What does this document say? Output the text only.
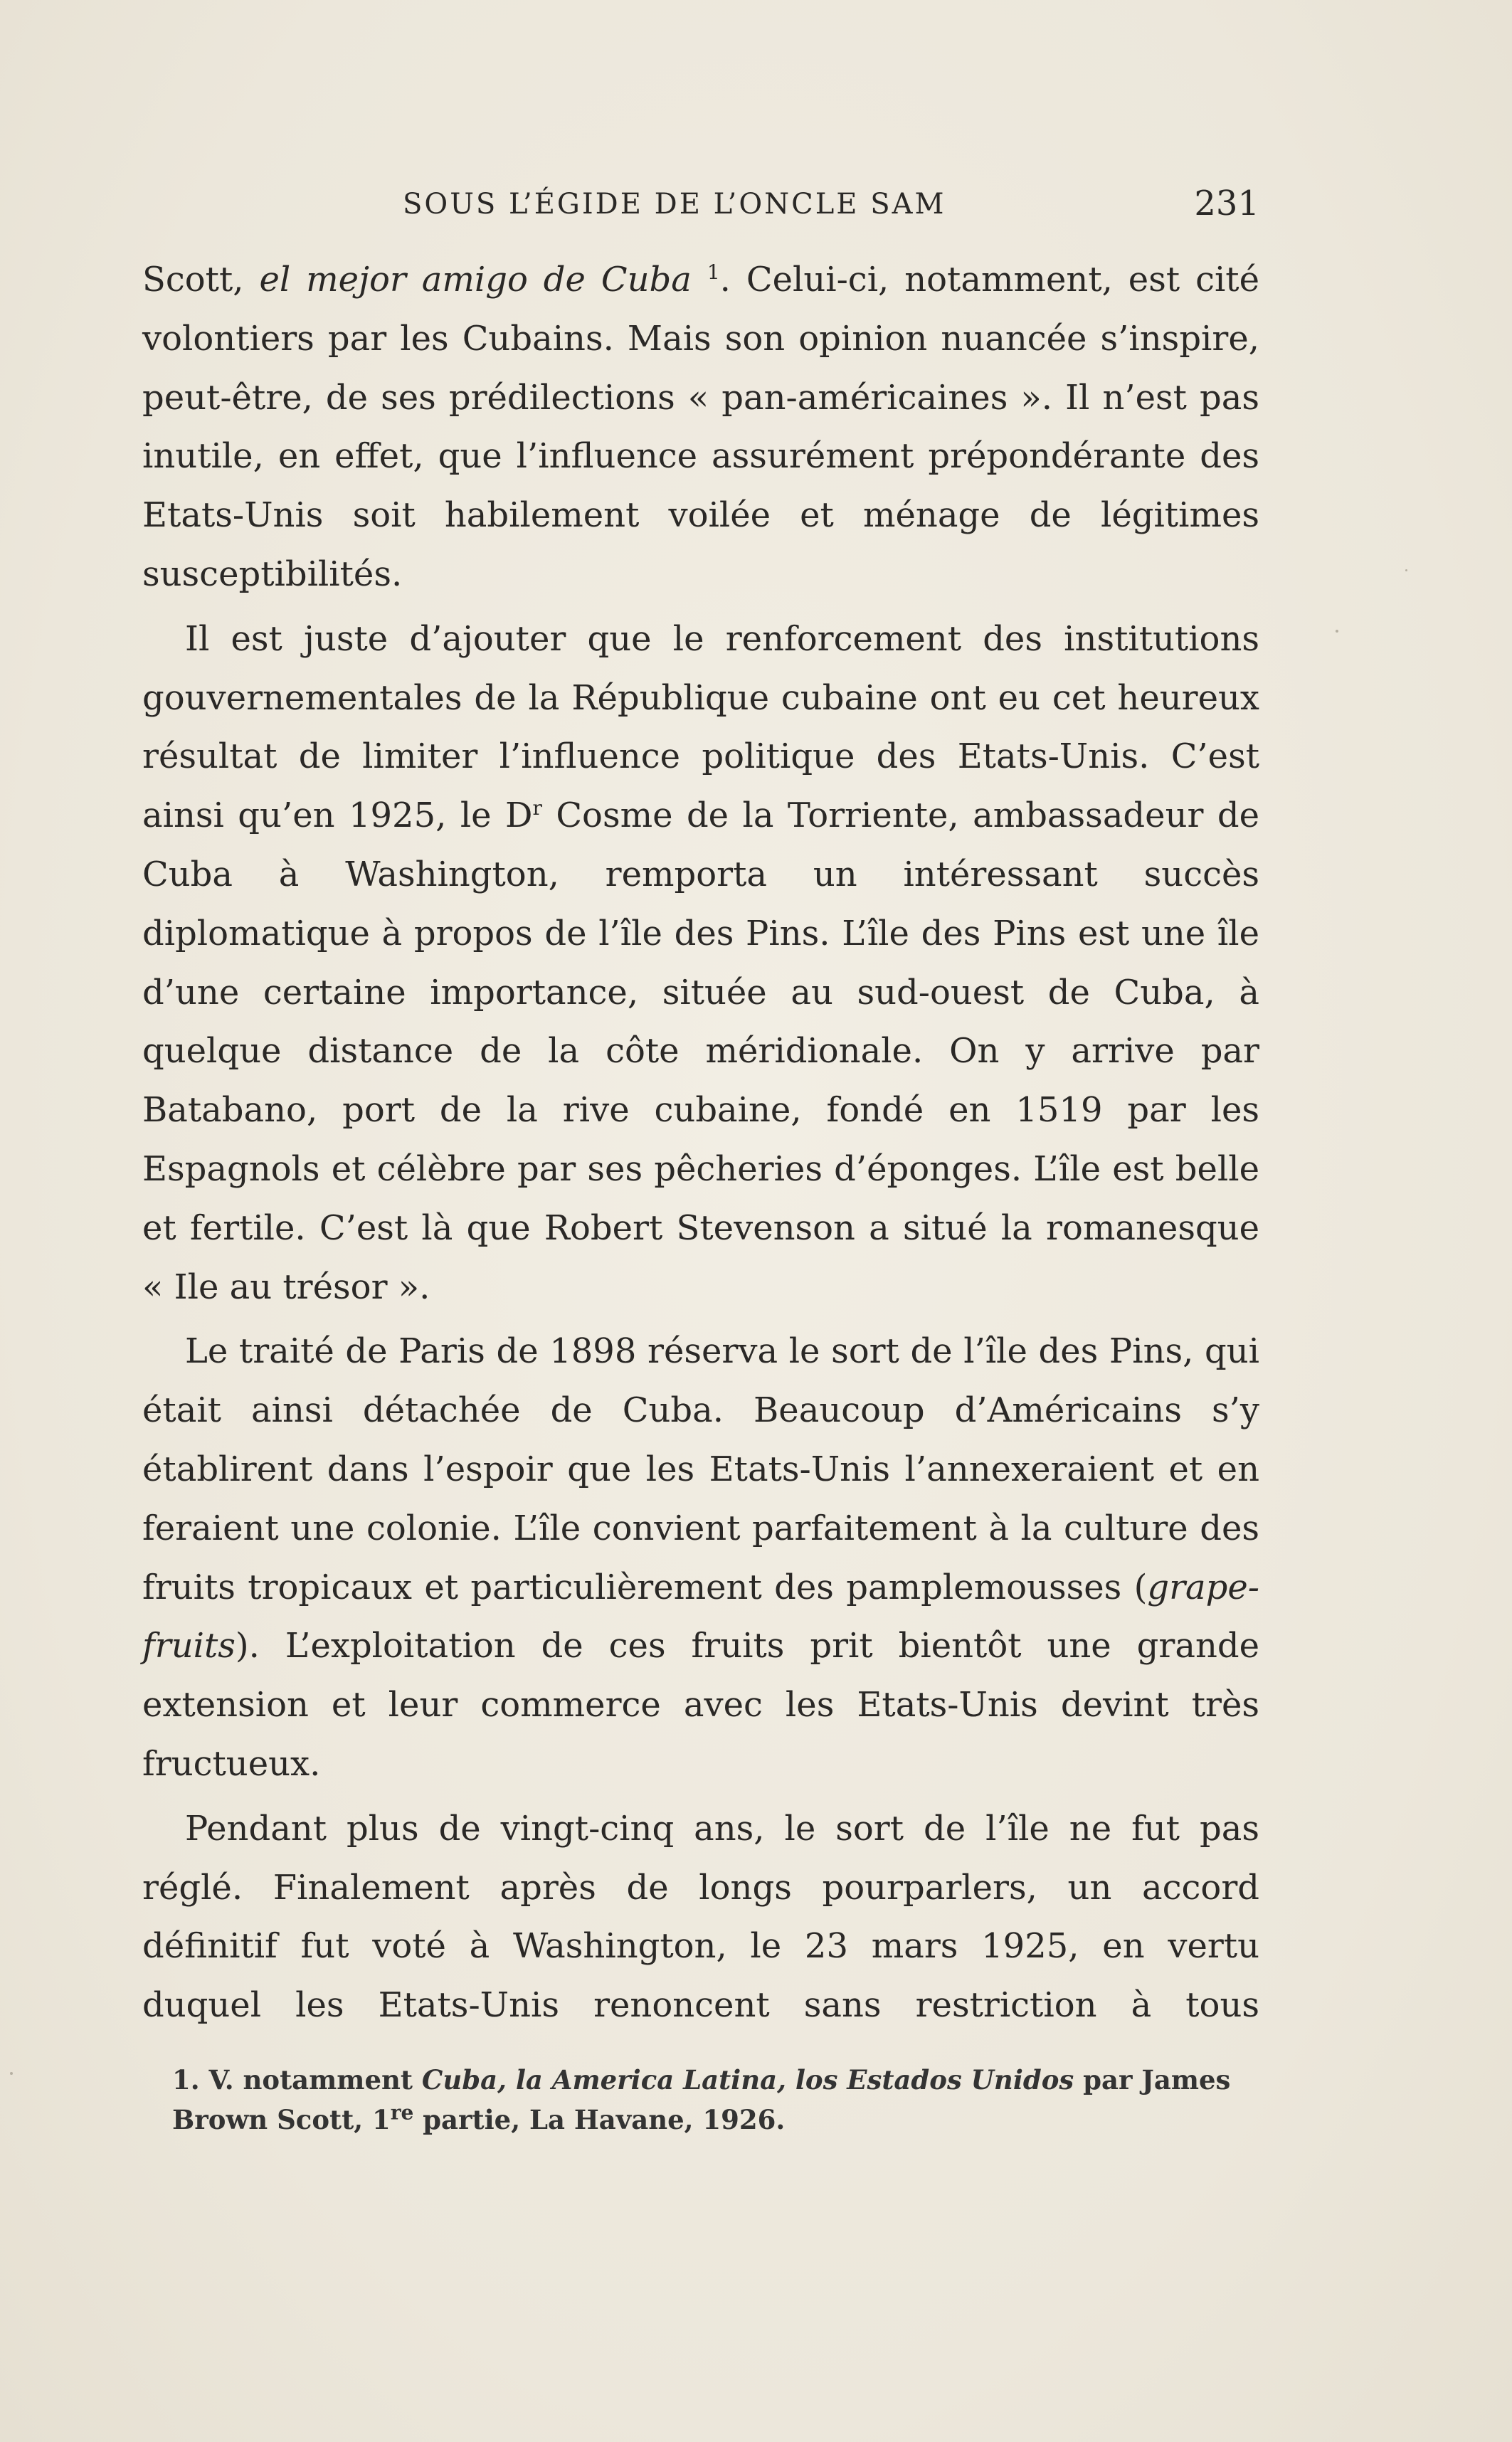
SOUS L’ÉGIDE DE L’ONCLE SAM	231

Scott, el mejor amigo de Cuba $^1$. Celui-ci, notamment, est cité volontiers par les Cubains. Mais son opinion nuancée s’inspire, peut-être, de ses prédilections « pan-américaines ». Il n’est pas inutile, en effet, que l’influence assurément prépondérante des Etats-Unis soit habilement voilée et ménage de légitimes susceptibilités.

Il est juste d’ajouter que le renforcement des institutions gouvernementales de la République cubaine ont eu cet heureux résultat de limiter l’influence politique des Etats-Unis. C’est ainsi qu’en 1925, le $D^r$ Cosme de la Torriente, ambassadeur de Cuba à Washington, remporta un intéressant succès diplomatique à propos de l’île des Pins. L’île des Pins est une île d’une certaine importance, située au sud-ouest de Cuba, à quelque distance de la côte méridionale. On y arrive par Batabano, port de la rive cubaine, fondé en 1519 par les Espagnols et célèbre par ses pêcheries d’éponges. L’île est belle et fertile. C’est là que Robert Stevenson a situé la romanesque « Ile au trésor ».

Le traité de Paris de 1898 réserva le sort de l’île des Pins, qui était ainsi détachée de Cuba. Beaucoup d’Américains s’y établirent dans l’espoir que les Etats-Unis l’annexeraient et en feraient une colonie. L’île convient parfaitement à la culture des fruits tropicaux et particulièrement des pamplemousses (grape-fruits). L’exploitation de ces fruits prit bientôt une grande extension et leur commerce avec les Etats-Unis devint très fructueux.

Pendant plus de vingt-cinq ans, le sort de l’île ne fut pas réglé. Finalement après de longs pourparlers, un accord définitif fut voté à Washington, le 23 mars 1925, en vertu duquel les Etats-Unis renoncent sans restriction à tous

1. V. notamment Cuba, la America Latina, los Estados Unidos par James Brown Scott, 1re partie, La Havane, 1926.
